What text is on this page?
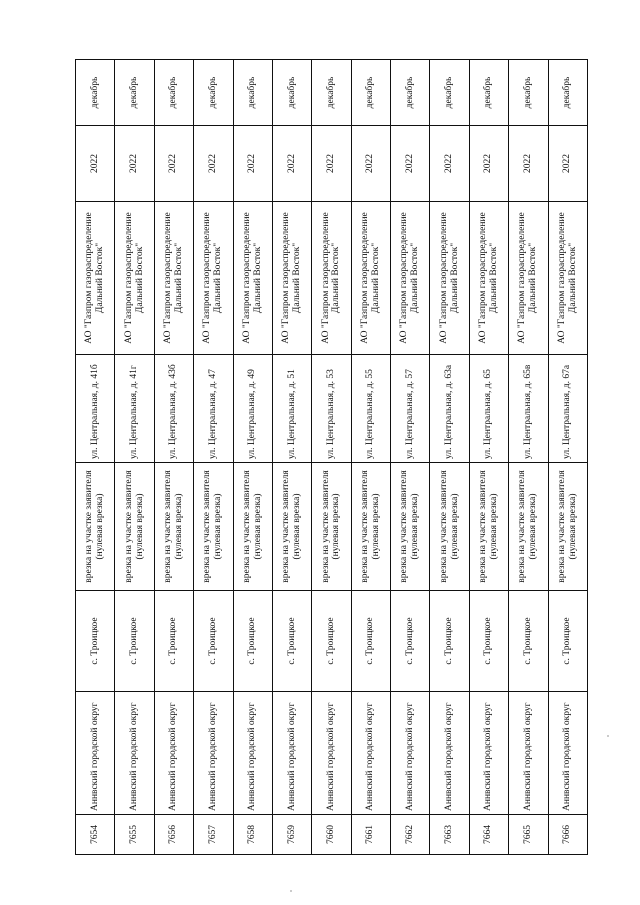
7654	Аннвский городской округ	с. Троицкое	врезка на участке заявителя (нулевая врезка)	ул. Центральная, д. 41б	АО "Газпром газораспределение Дальний Восток"	2022	декабрь
7655	Аннвский городской округ	с. Троицкое	врезка на участке заявителя (нулевая врезка)	ул. Центральная, д. 41г	АО "Газпром газораспределение Дальний Восток"	2022	декабрь
7656	Аннвский городской округ	с. Троицкое	врезка на участке заявителя (нулевая врезка)	ул. Центральная, д. 43б	АО "Газпром газораспределение Дальний Восток"	2022	декабрь
7657	Аннвский городской округ	с. Троицкое	врезка на участке заявителя (нулевая врезка)	ул. Центральная, д. 47	АО "Газпром газораспределение Дальний Восток"	2022	декабрь
7658	Аннвский городской округ	с. Троицкое	врезка на участке заявителя (нулевая врезка)	ул. Центральная, д. 49	АО "Газпром газораспределение Дальний Восток"	2022	декабрь
7659	Аннвский городской округ	с. Троицкое	врезка на участке заявителя (нулевая врезка)	ул. Центральная, д. 51	АО "Газпром газораспределение Дальний Восток"	2022	декабрь
7660	Аннвский городской округ	с. Троицкое	врезка на участке заявителя (нулевая врезка)	ул. Центральная, д. 53	АО "Газпром газораспределение Дальний Восток"	2022	декабрь
7661	Аннвский городской округ	с. Троицкое	врезка на участке заявителя (нулевая врезка)	ул. Центральная, д. 55	АО "Газпром газораспределение Дальний Восток"	2022	декабрь
7662	Аннвский городской округ	с. Троицкое	врезка на участке заявителя (нулевая врезка)	ул. Центральная, д. 57	АО "Газпром газораспределение Дальний Восток"	2022	декабрь
7663	Аннвский городской округ	с. Троицкое	врезка на участке заявителя (нулевая врезка)	ул. Центральная, д. 63а	АО "Газпром газораспределение Дальний Восток"	2022	декабрь
7664	Аннвский городской округ	с. Троицкое	врезка на участке заявителя (нулевая врезка)	ул. Центральная, д. 65	АО "Газпром газораспределение Дальний Восток"	2022	декабрь
7665	Аннвский городской округ	с. Троицкое	врезка на участке заявителя (нулевая врезка)	ул. Центральная, д. 65в	АО "Газпром газораспределение Дальний Восток"	2022	декабрь
7666	Аннвский городской округ	с. Троицкое	врезка на участке заявителя (нулевая врезка)	ул. Центральная, д. 67а	АО "Газпром газораспределение Дальний Восток"	2022	декабрь
